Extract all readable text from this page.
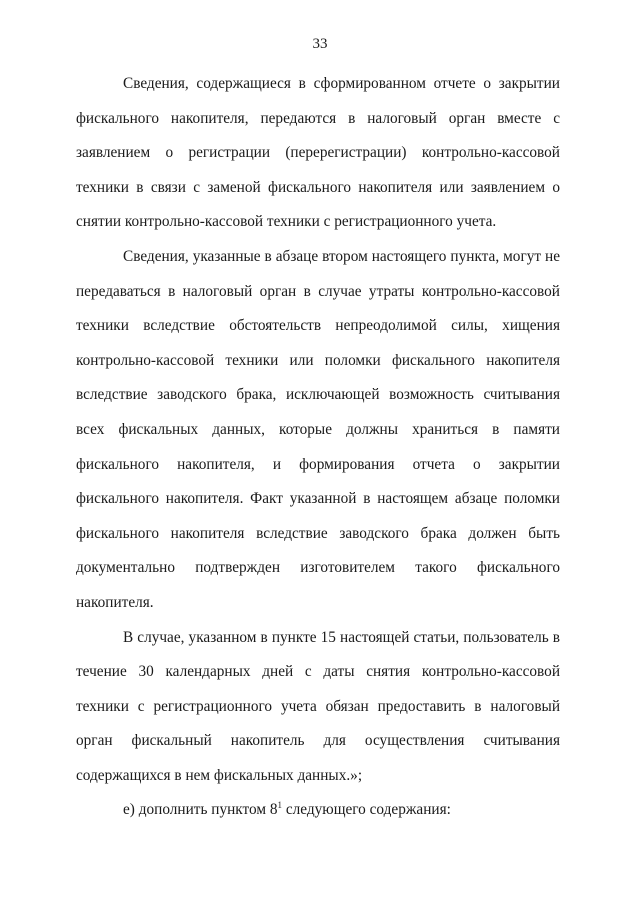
33

Сведения, содержащиеся в сформированном отчете о закрытии фискального накопителя, передаются в налоговый орган вместе с заявлением о регистрации (перерегистрации) контрольно-кассовой техники в связи с заменой фискального накопителя или заявлением о снятии контрольно-кассовой техники с регистрационного учета.

Сведения, указанные в абзаце втором настоящего пункта, могут не передаваться в налоговый орган в случае утраты контрольно-кассовой техники вследствие обстоятельств непреодолимой силы, хищения контрольно-кассовой техники или поломки фискального накопителя вследствие заводского брака, исключающей возможность считывания всех фискальных данных, которые должны храниться в памяти фискального накопителя, и формирования отчета о закрытии фискального накопителя. Факт указанной в настоящем абзаце поломки фискального накопителя вследствие заводского брака должен быть документально подтвержден изготовителем такого фискального накопителя.

В случае, указанном в пункте 15 настоящей статьи, пользователь в течение 30 календарных дней с даты снятия контрольно-кассовой техники с регистрационного учета обязан предоставить в налоговый орган фискальный накопитель для осуществления считывания содержащихся в нем фискальных данных.»;

е) дополнить пунктом $8^1$ следующего содержания:
